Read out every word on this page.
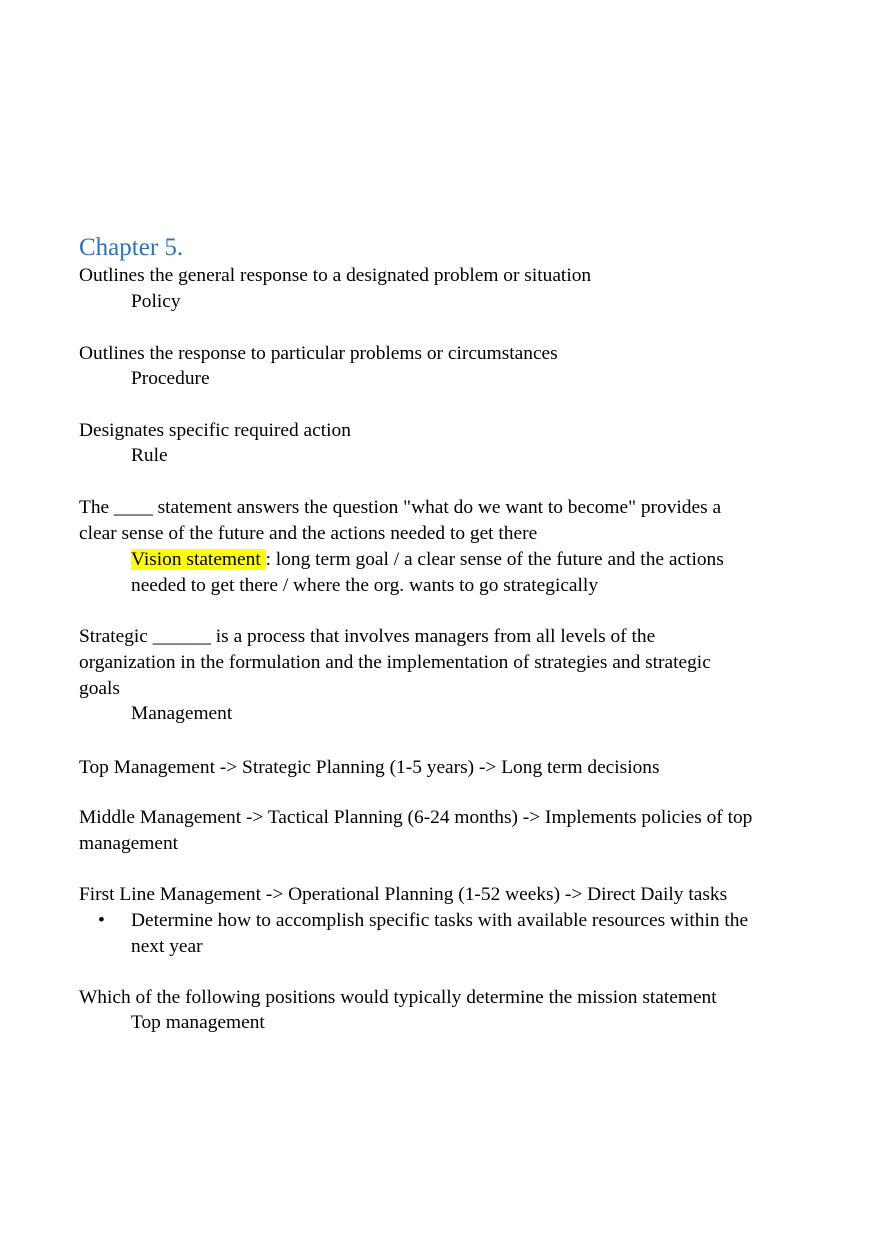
Chapter 5.

Outlines the general response to a designated problem or situation

Policy

Outlines the response to particular problems or circumstances

Procedure

Designates specific required action

Rule

The ____ statement answers the question "what do we want to become" provides a

clear sense of the future and the actions needed to get there

Vision statement : long term goal / a clear sense of the future and the actions

needed to get there / where the org. wants to go strategically

Strategic ______ is a process that involves managers from all levels of the

organization in the formulation and the implementation of strategies and strategic

goals

Management

Top Management -> Strategic Planning (1-5 years) -> Long term decisions

Middle Management -> Tactical Planning (6-24 months) -> Implements policies of top

management

First Line Management -> Operational Planning (1-52 weeks) -> Direct Daily tasks

• Determine how to accomplish specific tasks with available resources within the

next year

Which of the following positions would typically determine the mission statement

Top management
